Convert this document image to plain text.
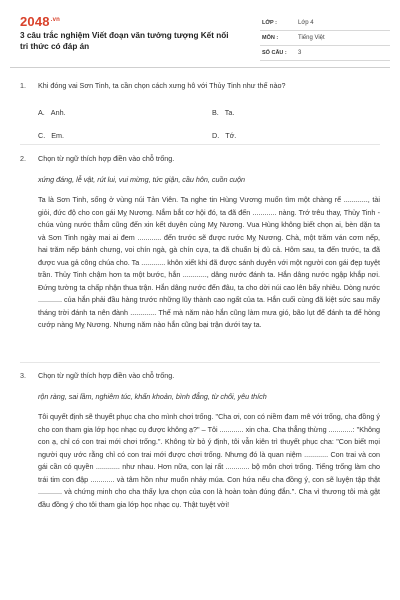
$2048^{.vn}$
3 câu trắc nghiệm Viết đoạn văn tưởng tượng Kết nối tri thức có đáp án
LỚP :	Lớp 4
MÔN :	Tiếng Việt
SỐ CÂU :	3
1.	Khi đóng vai Sơn Tinh, ta cần chọn cách xưng hô với Thủy Tinh như thế nào?
A. Anh.	B. Ta.
C. Em.	D. Tớ.
2.	Chọn từ ngữ thích hợp điền vào chỗ trống.
xứng đáng, lễ vật, rút lui, vui mừng, tức giận, cầu hôn, cuồn cuộn
Ta là Sơn Tinh, sống ở vùng núi Tản Viên. Ta nghe tin Hùng Vương muốn tìm một chàng rể ............, tài giỏi, đức độ cho con gái Mỵ Nương. Nắm bắt cơ hội đó, ta đã đến ............ nàng. Trớ trêu thay, Thủy Tinh - chúa vùng nước thẳm cũng đến xin kết duyên cùng Mỵ Nương. Vua Hùng không biết chọn ai, bèn dặn ta và Sơn Tinh ngày mai ai đem ............ đến trước sẽ được rước Mỵ Nương. Chà, một trăm ván cơm nếp, hai trăm nếp bánh chưng, voi chín ngà, gà chín cựa, ta đã chuẩn bị đủ cả. Hôm sau, ta đến trước, ta đã được vua gả công chúa cho. Ta ............ khôn xiết khi đã được sánh duyên với một người con gái đẹp tuyệt trần. Thủy Tinh chậm hơn ta một bước, hắn ............, dâng nước đánh ta. Hắn dâng nước ngập khắp nơi. Đứng tường ta chấp nhận thua trận. Hắn dâng nước đến đâu, ta cho dời núi cao lên bấy nhiêu. Dòng nước ............ của hắn phải đầu hàng trước những lũy thành cao ngất của ta. Hắn cuối cùng đã kiệt sức sau mấy tháng trời đánh ta nên đành ............. Thế mà năm nào hắn cũng làm mưa gió, bão lụt để đánh ta để hòng cướp nàng Mỵ Nương. Nhưng năm nào hắn cũng bại trận dưới tay ta.
3.	Chọn từ ngữ thích hợp điền vào chỗ trống.
rộn ràng, sai lầm, nghiêm túc, khẩn khoản, bình đẳng, từ chối, yêu thích
Tôi quyết định sẽ thuyết phục cha cho mình chơi trống. "Cha ơi, con có niềm đam mê với trống, cha đồng ý cho con tham gia lớp học nhạc cụ được không ạ?" – Tôi ............ xin cha. Cha thẳng thừng ............: "Không con ạ, chỉ có con trai mới chơi trống.". Không từ bỏ ý định, tôi vẫn kiên trì thuyết phục cha: "Con biết mọi người quy ước rằng chỉ có con trai mới được chơi trống. Nhưng đó là quan niệm ............ Con trai và con gái cần có quyền ............ như nhau. Hơn nữa, con lại rất ............ bộ môn chơi trống. Tiếng trống làm cho trái tim con đập ............ và tâm hồn như muốn nhảy múa. Con hứa nếu cha đồng ý, con sẽ luyện tập thật ............ và chứng minh cho cha thấy lựa chọn của con là hoàn toàn đúng đắn.". Cha vì thương tôi mà gật đầu đồng ý cho tôi tham gia lớp học nhạc cụ. Thật tuyệt vời!
